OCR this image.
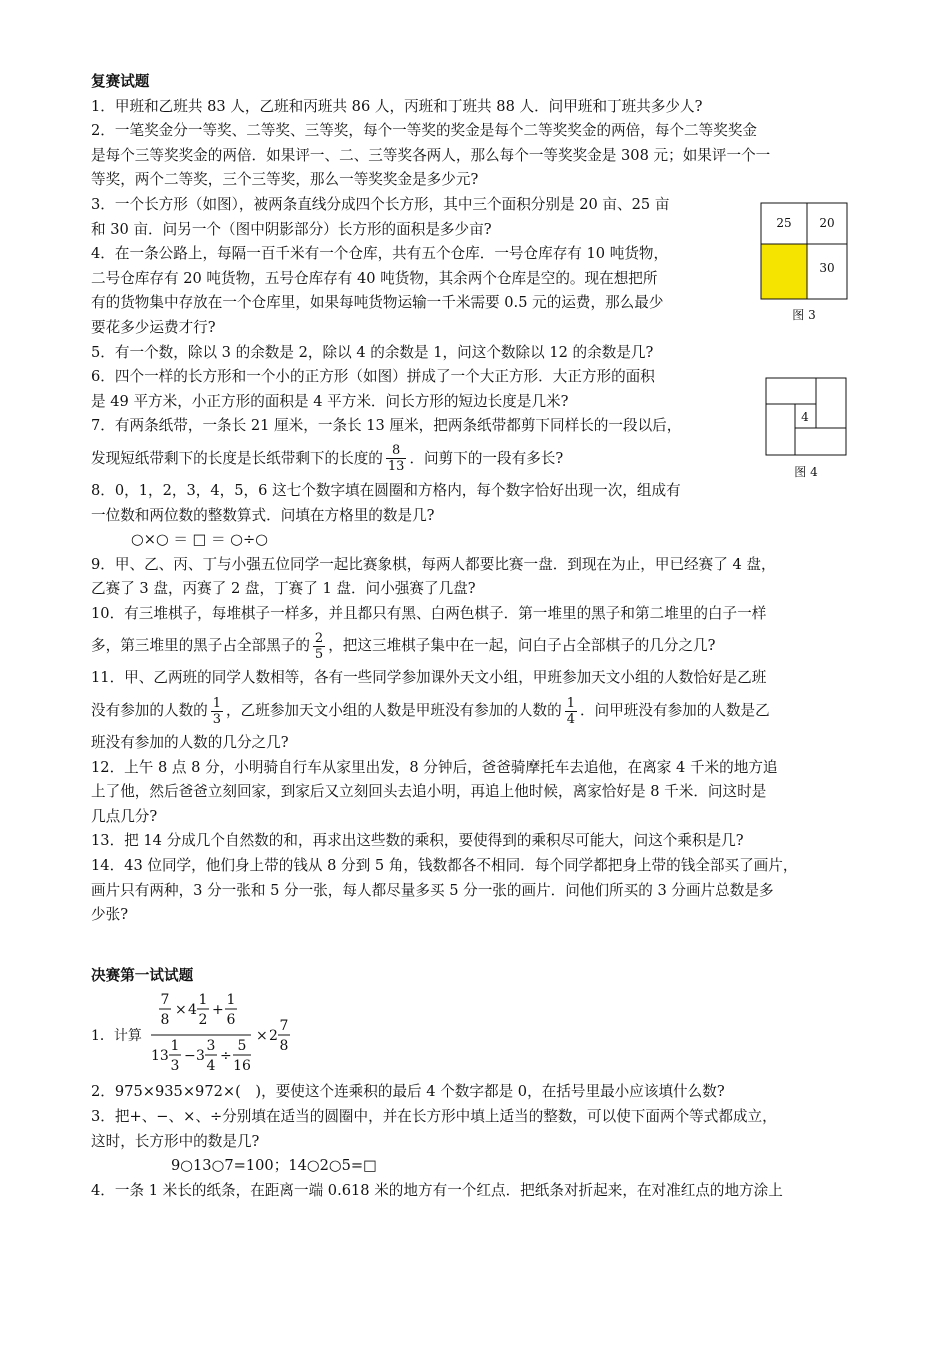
复赛试题
1．甲班和乙班共 83 人，乙班和丙班共 86 人，丙班和丁班共 88 人．问甲班和丁班共多少人?
2．一笔奖金分一等奖、二等奖、三等奖，每个一等奖的奖金是每个二等奖奖金的两倍，每个二等奖奖金
是每个三等奖奖金的两倍．如果评一、二、三等奖各两人，那么每个一等奖奖金是 308 元；如果评一个一
等奖，两个二等奖，三个三等奖，那么一等奖奖金是多少元?
3．一个长方形（如图），被两条直线分成四个长方形，其中三个面积分别是 20 亩、25 亩
和 30 亩．问另一个（图中阴影部分）长方形的面积是多少亩?
4．在一条公路上，每隔一百千米有一个仓库，共有五个仓库．一号仓库存有 10 吨货物，
二号仓库存有 20 吨货物，五号仓库存有 40 吨货物，其余两个仓库是空的。现在想把所
有的货物集中存放在一个仓库里，如果每吨货物运输一千米需要 0.5 元的运费，那么最少
要花多少运费才行?
5．有一个数，除以 3 的余数是 2，除以 4 的余数是 1，问这个数除以 12 的余数是几?
6．四个一样的长方形和一个小的正方形（如图）拼成了一个大正方形．大正方形的面积
是 49 平方米，小正方形的面积是 4 平方米．问长方形的短边长度是几米?
7．有两条纸带，一条长 21 厘米，一条长 13 厘米，把两条纸带都剪下同样长的一段以后，
发现短纸带剩下的长度是长纸带剩下的长度的 $\frac{8}{13}$ ．问剪下的一段有多长?
8．0，1，2，3，4，5，6 这七个数字填在圆圈和方格内，每个数字恰好出现一次，组成有
一位数和两位数的整数算式．问填在方格里的数是几?
○×○ ＝ □ ＝ ○÷○
9．甲、乙、丙、丁与小强五位同学一起比赛象棋，每两人都要比赛一盘．到现在为止，甲已经赛了 4 盘，
乙赛了 3 盘，丙赛了 2 盘，丁赛了 1 盘．问小强赛了几盘?
10．有三堆棋子，每堆棋子一样多，并且都只有黑、白两色棋子．第一堆里的黑子和第二堆里的白子一样
多，第三堆里的黑子占全部黑子的 $\frac{2}{5}$ ，把这三堆棋子集中在一起，问白子占全部棋子的几分之几?
11．甲、乙两班的同学人数相等，各有一些同学参加课外天文小组，甲班参加天文小组的人数恰好是乙班
没有参加的人数的 $\frac{1}{3}$ ，乙班参加天文小组的人数是甲班没有参加的人数的 $\frac{1}{4}$ ．问甲班没有参加的人数是乙
班没有参加的人数的几分之几?
12．上午 8 点 8 分，小明骑自行车从家里出发，8 分钟后，爸爸骑摩托车去追他，在离家 4 千米的地方追
上了他，然后爸爸立刻回家，到家后又立刻回头去追小明，再追上他时候，离家恰好是 8 千米．问这时是
几点几分?
13．把 14 分成几个自然数的和，再求出这些数的乘积，要使得到的乘积尽可能大，问这个乘积是几?
14．43 位同学，他们身上带的钱从 8 分到 5 角，钱数都各不相同．每个同学都把身上带的钱全部买了画片，
画片只有两种，3 分一张和 5 分一张，每人都尽量多买 5 分一张的画片．问他们所买的 3 分画片总数是多
少张?
决赛第一试试题
1．计算
7
8
× 4
1
2
+
1
6
13
1
3
− 3
3
4
÷
5
16
× 2
7
8
2．975×935×972×(　)，要使这个连乘积的最后 4 个数字都是 0，在括号里最小应该填什么数?
3．把+、−、×、÷分别填在适当的圆圈中，并在长方形中填上适当的整数，可以使下面两个等式都成立，
这时，长方形中的数是几?
9○13○7=100；14○2○5=□
4．一条 1 米长的纸条，在距离一端 0.618 米的地方有一个红点．把纸条对折起来，在对准红点的地方涂上
25 20
30
图 3
4
图 4
